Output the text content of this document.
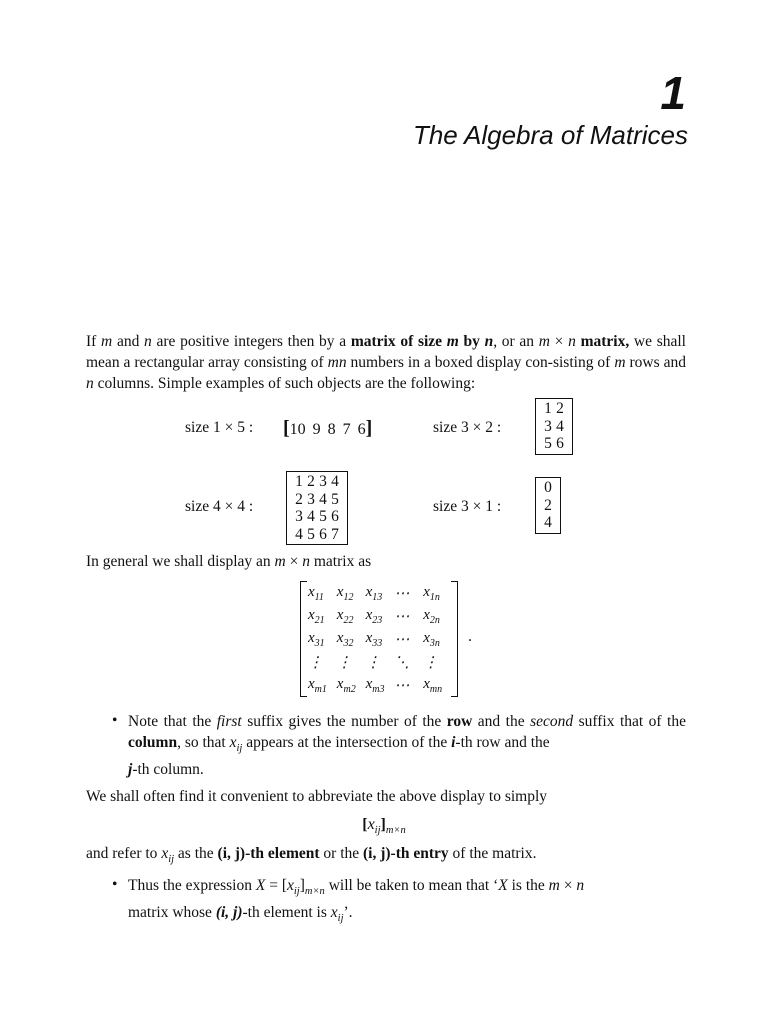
1
The Algebra of Matrices

If m and n are positive integers then by a matrix of size m by n, or an m × n matrix, we shall mean a rectangular array consisting of mn numbers in a boxed display con-sisting of m rows and n columns. Simple examples of such objects are the following:

size 1 × 5 : [10 9 8 7 6]	size 3 × 2 :
1 2
3 4
5 6
size 4 × 4 :
1 2 3 4
2 3 4 5
3 4 5 6
4 5 6 7
size 3 × 1 :
0
2
4

In general we shall display an m × n matrix as

$x_{11}$ $x_{12}$ $x_{13}$ ⋯ $x_{1n}$
$x_{21}$ $x_{22}$ $x_{23}$ ⋯ $x_{2n}$
$x_{31}$ $x_{32}$ $x_{33}$ ⋯ $x_{3n}$
⋮ ⋮ ⋮ ⋱ ⋮
$x_{m1}$ $x_{m2}$ $x_{m3}$ ⋯ $x_{mn}$
.
• Note that the first suffix gives the number of the row and the second suffix that of the column, so that $x_{ij}$ appears at the intersection of the i-th row and the
j-th column.

We shall often find it convenient to abbreviate the above display to simply

$[x_{ij}]_{m\times n}$

and refer to $x_{ij}$ as the (i, j)-th element or the (i, j)-th entry of the matrix.

• Thus the expression $X = [x_{ij}]_{m\times n}$ will be taken to mean that ‘X is the m × n
matrix whose (i, j)-th element is $x_{ij}$’.
